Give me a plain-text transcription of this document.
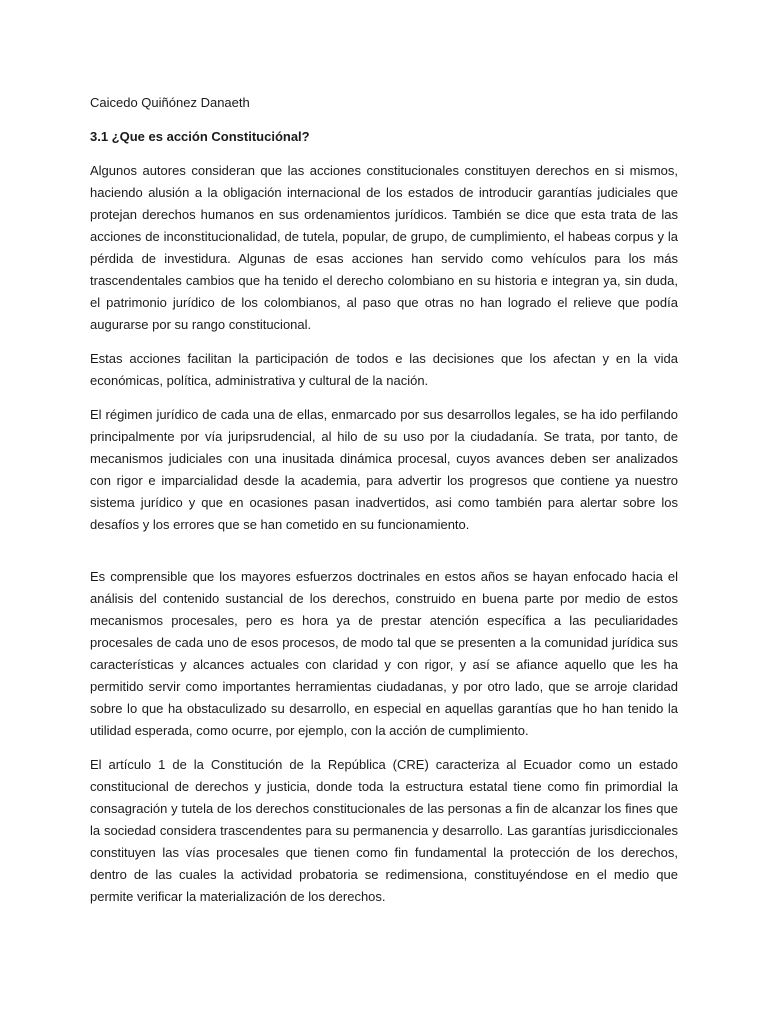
Caicedo Quiñónez Danaeth

3.1 ¿Que es acción Constituciónal?

Algunos autores consideran que las acciones constitucionales constituyen derechos en si mismos, haciendo alusión a la obligación internacional de los estados de introducir garantías judiciales que protejan derechos humanos en sus ordenamientos jurídicos. También se dice que esta trata de las acciones de inconstitucionalidad, de tutela, popular, de grupo, de cumplimiento, el habeas corpus y la pérdida de investidura. Algunas de esas acciones han servido como vehículos para los más trascendentales cambios que ha tenido el derecho colombiano en su historia e integran ya, sin duda, el patrimonio jurídico de los colombianos, al paso que otras no han logrado el relieve que podía augurarse por su rango constitucional.

Estas acciones facilitan la participación de todos e las decisiones que los afectan y en la vida económicas, política, administrativa y cultural de la nación.

El régimen jurídico de cada una de ellas, enmarcado por sus desarrollos legales, se ha ido perfilando principalmente por vía juripsrudencial, al hilo de su uso por la ciudadanía. Se trata, por tanto, de mecanismos judiciales con una inusitada dinámica procesal, cuyos avances deben ser analizados con rigor e imparcialidad desde la academia, para advertir los progresos que contiene ya nuestro sistema jurídico y que en ocasiones pasan inadvertidos, asi como también para alertar sobre los desafíos y los errores que se han cometido en su funcionamiento.

Es comprensible que los mayores esfuerzos doctrinales en estos años se hayan enfocado hacia el análisis del contenido sustancial de los derechos, construido en buena parte por medio de estos mecanismos procesales, pero es hora ya de prestar atención específica a las peculiaridades procesales de cada uno de esos procesos, de modo tal que se presenten a la comunidad jurídica sus características y alcances actuales con claridad y con rigor, y así se afiance aquello que les ha permitido servir como importantes herramientas ciudadanas, y por otro lado, que se arroje claridad sobre lo que ha obstaculizado su desarrollo, en especial en aquellas garantías que ho han tenido la utilidad esperada, como ocurre, por ejemplo, con la acción de cumplimiento.

El artículo 1 de la Constitución de la República (CRE) caracteriza al Ecuador como un estado constitucional de derechos y justicia, donde toda la estructura estatal tiene como fin primordial la consagración y tutela de los derechos constitucionales de las personas a fin de alcanzar los fines que la sociedad considera trascendentes para su permanencia y desarrollo. Las garantías jurisdiccionales constituyen las vías procesales que tienen como fin fundamental la protección de los derechos, dentro de las cuales la actividad probatoria se redimensiona, constituyéndose en el medio que permite verificar la materialización de los derechos.
